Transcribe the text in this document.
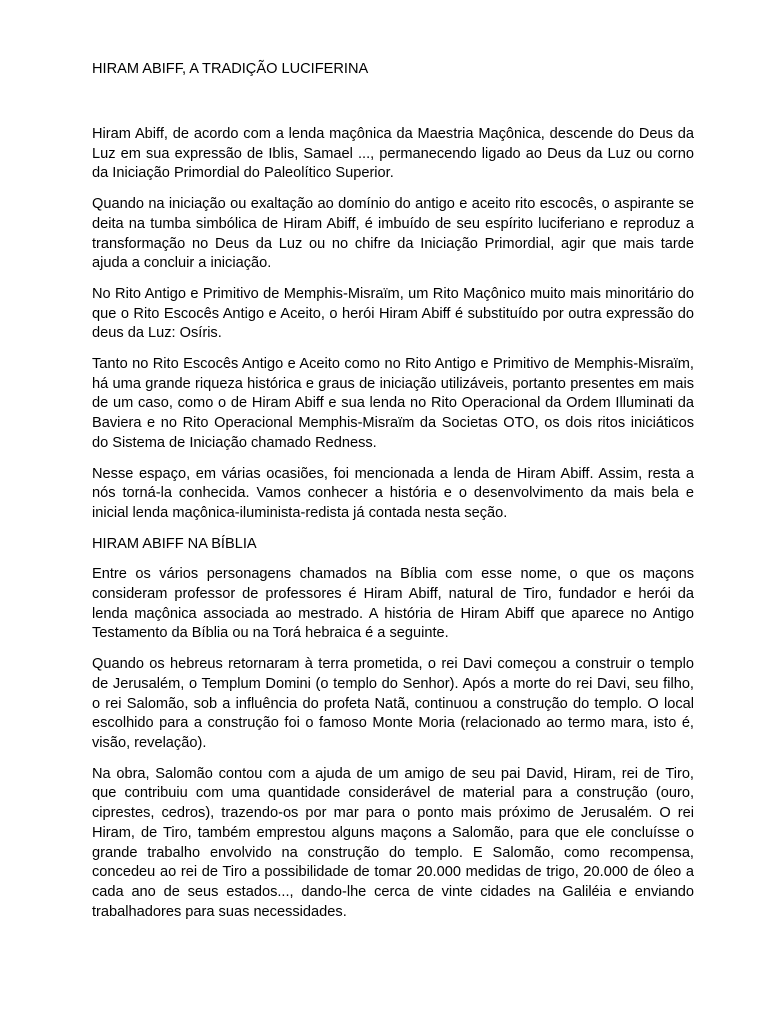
HIRAM ABIFF, A TRADIÇÃO LUCIFERINA

Hiram Abiff, de acordo com a lenda maçônica da Maestria Maçônica, descende do Deus da Luz em sua expressão de Iblis, Samael ..., permanecendo ligado ao Deus da Luz ou corno da Iniciação Primordial do Paleolítico Superior.

Quando na iniciação ou exaltação ao domínio do antigo e aceito rito escocês, o aspirante se deita na tumba simbólica de Hiram Abiff, é imbuído de seu espírito luciferiano e reproduz a transformação no Deus da Luz ou no chifre da Iniciação Primordial, agir que mais tarde ajuda a concluir a iniciação.

No Rito Antigo e Primitivo de Memphis-Misraïm, um Rito Maçônico muito mais minoritário do que o Rito Escocês Antigo e Aceito, o herói Hiram Abiff é substituído por outra expressão do deus da Luz: Osíris.

Tanto no Rito Escocês Antigo e Aceito como no Rito Antigo e Primitivo de Memphis-Misraïm, há uma grande riqueza histórica e graus de iniciação utilizáveis, portanto presentes em mais de um caso, como o de Hiram Abiff e sua lenda no Rito Operacional da Ordem Illuminati da Baviera e no Rito Operacional Memphis-Misraïm da Societas OTO, os dois ritos iniciáticos do Sistema de Iniciação chamado Redness.

Nesse espaço, em várias ocasiões, foi mencionada a lenda de Hiram Abiff. Assim, resta a nós torná-la conhecida. Vamos conhecer a história e o desenvolvimento da mais bela e inicial lenda maçônica-iluminista-redista já contada nesta seção.

HIRAM ABIFF NA BÍBLIA

Entre os vários personagens chamados na Bíblia com esse nome, o que os maçons consideram professor de professores é Hiram Abiff, natural de Tiro, fundador e herói da lenda maçônica associada ao mestrado. A história de Hiram Abiff que aparece no Antigo Testamento da Bíblia ou na Torá hebraica é a seguinte.

Quando os hebreus retornaram à terra prometida, o rei Davi começou a construir o templo de Jerusalém, o Templum Domini (o templo do Senhor). Após a morte do rei Davi, seu filho, o rei Salomão, sob a influência do profeta Natã, continuou a construção do templo. O local escolhido para a construção foi o famoso Monte Moria (relacionado ao termo mara, isto é, visão, revelação).

Na obra, Salomão contou com a ajuda de um amigo de seu pai David, Hiram, rei de Tiro, que contribuiu com uma quantidade considerável de material para a construção (ouro, ciprestes, cedros), trazendo-os por mar para o ponto mais próximo de Jerusalém. O rei Hiram, de Tiro, também emprestou alguns maçons a Salomão, para que ele concluísse o grande trabalho envolvido na construção do templo. E Salomão, como recompensa, concedeu ao rei de Tiro a possibilidade de tomar 20.000 medidas de trigo, 20.000 de óleo a cada ano de seus estados..., dando-lhe cerca de vinte cidades na Galiléia e enviando trabalhadores para suas necessidades.
